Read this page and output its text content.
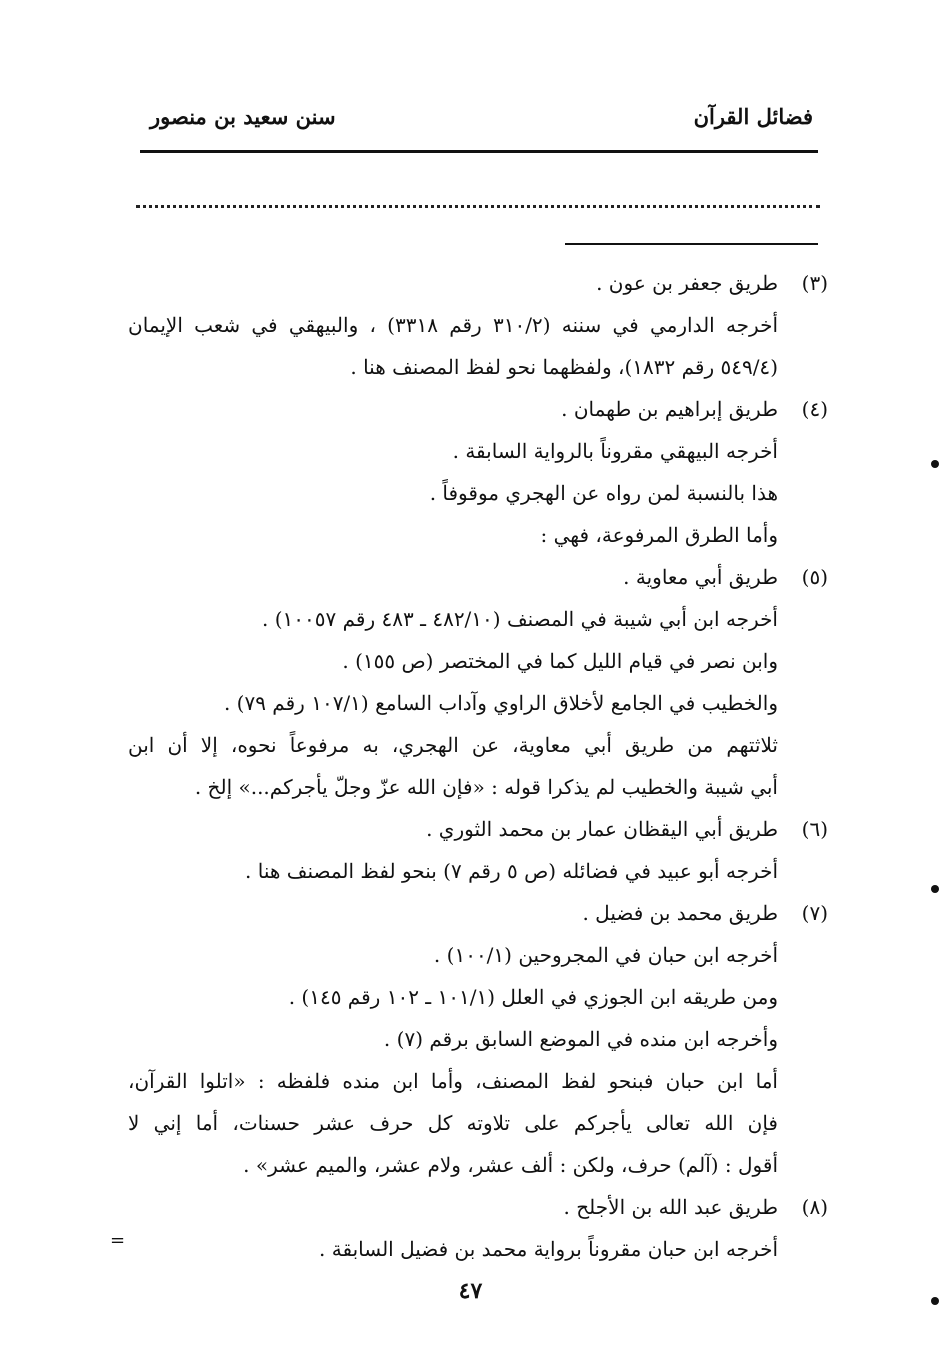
فضائل القرآن
سنن سعيد بن منصور
(٣)طريق جعفر بن عون .
أخرجه الدارمي في سننه (٣١٠/٢ رقم ٣٣١٨) ، والبيهقي في شعب الإيمان
(٥٤٩/٤ رقم ١٨٣٢)، ولفظهما نحو لفظ المصنف هنا .
(٤)طريق إبراهيم بن طهمان .
أخرجه البيهقي مقروناً بالرواية السابقة .
هذا بالنسبة لمن رواه عن الهجري موقوفاً .
وأما الطرق المرفوعة، فهي :
(٥)طريق أبي معاوية .
أخرجه ابن أبي شيبة في المصنف (٤٨٢/١٠ ـ ٤٨٣ رقم ١٠٠٥٧) .
وابن نصر في قيام الليل كما في المختصر (ص ١٥٥) .
والخطيب في الجامع لأخلاق الراوي وآداب السامع (١٠٧/١ رقم ٧٩) .
ثلاثتهم من طريق أبي معاوية، عن الهجري، به مرفوعاً نحوه، إلا أن ابن
أبي شيبة والخطيب لم يذكرا قوله : «فإن الله عزّ وجلّ يأجركم...» إلخ .
(٦)طريق أبي اليقظان عمار بن محمد الثوري .
أخرجه أبو عبيد في فضائله (ص ٥ رقم ٧) بنحو لفظ المصنف هنا .
(٧)طريق محمد بن فضيل .
أخرجه ابن حبان في المجروحين (١٠٠/١) .
ومن طريقه ابن الجوزي في العلل (١٠١/١ ـ ١٠٢ رقم ١٤٥) .
وأخرجه ابن منده في الموضع السابق برقم (٧) .
أما ابن حبان فبنحو لفظ المصنف، وأما ابن منده فلفظه : «اتلوا القرآن،
فإن الله تعالى يأجركم على تلاوته كل حرف عشر حسنات، أما إني لا
أقول : (آلم) حرف، ولكن : ألف عشر، ولام عشر، والميم عشر» .
(٨)طريق عبد الله بن الأجلح .
أخرجه ابن حبان مقروناً برواية محمد بن فضيل السابقة .
=
٤٧
